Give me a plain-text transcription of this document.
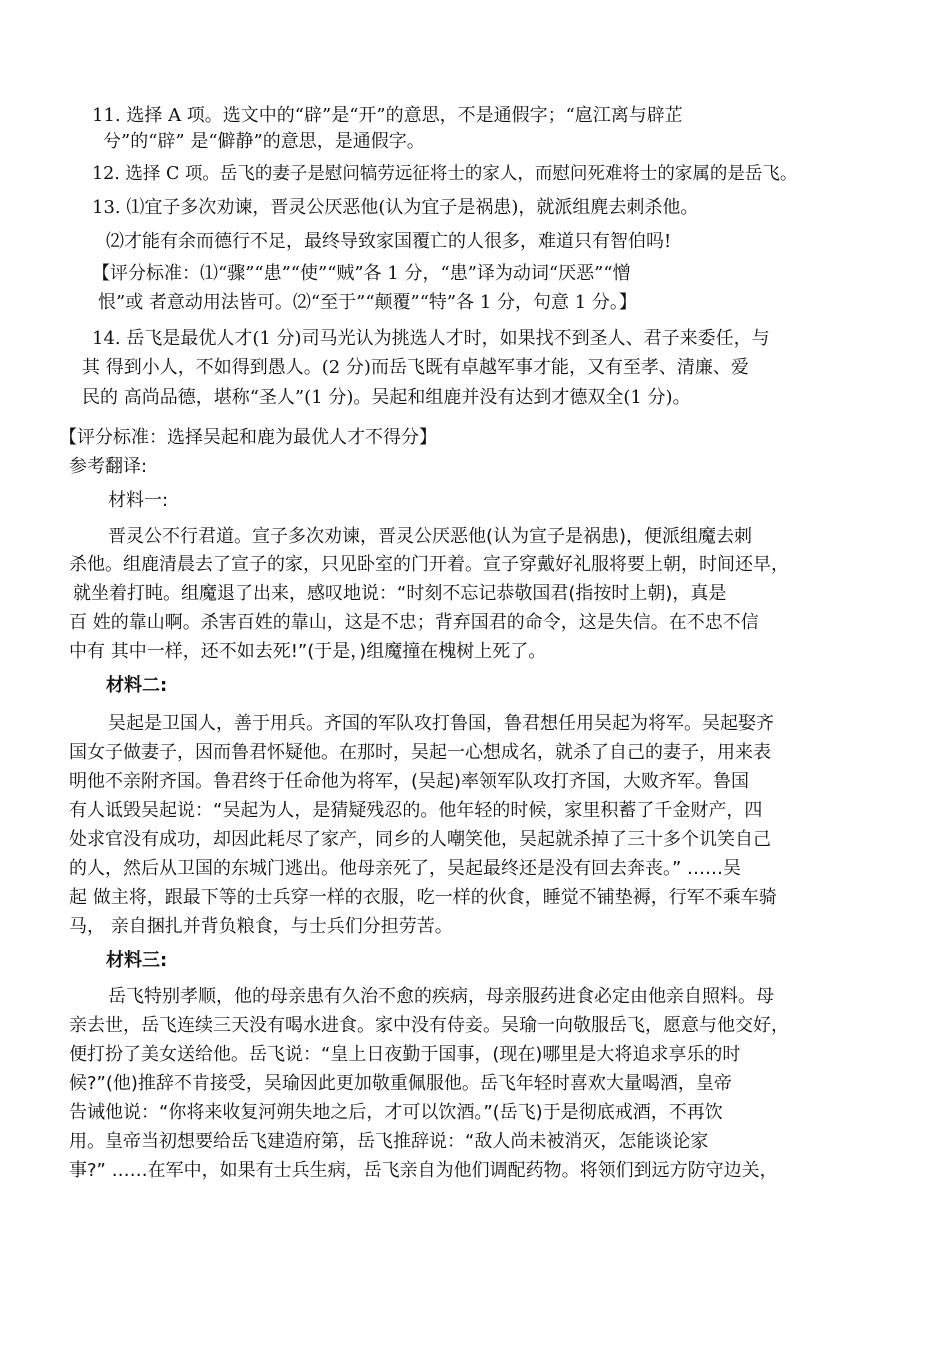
11. 选择 A 项。选文中的“辟”是“开”的意思，不是通假字；“扈江离与辟芷
兮”的“辟” 是“僻静”的意思，是通假字。
12. 选择 C 项。岳飞的妻子是慰问犒劳远征将士的家人，而慰问死难将士的家属的是岳飞。
13. ⑴宜子多次劝谏，晋灵公厌恶他(认为宜子是祸患)，就派组麂去刺杀他。
⑵才能有余而德行不足，最终导致家国覆亡的人很多，难道只有智伯吗!
【评分标准：⑴“骤”“患”“使”“贼”各 1 分，“患”译为动词“厌恶”“憎
恨”或 者意动用法皆可。⑵“至于”“颠覆”“特”各 1 分，句意 1 分。】
14. 岳飞是最优人才(1 分)司马光认为挑选人才时，如果找不到圣人、君子来委任，与
其 得到小人，不如得到愚人。(2 分)而岳飞既有卓越军事才能，又有至孝、清廉、爱
民的 高尚品德，堪称“圣人”(1 分)。吴起和组鹿并没有达到才德双全(1 分)。
【评分标准：选择吴起和鹿为最优人才不得分】
参考翻译:
材料一:
晋灵公不行君道。宣子多次劝谏，晋灵公厌恶他(认为宣子是祸患)，便派组魔去刺
杀他。组鹿清晨去了宣子的家，只见卧室的门开着。宣子穿戴好礼服将要上朝，时间还早，
就坐着打盹。组魔退了出来，感叹地说：“时刻不忘记恭敬国君(指按时上朝)，真是
百 姓的靠山啊。杀害百姓的靠山，这是不忠；背弃国君的命令，这是失信。在不忠不信
中有 其中一样，还不如去死!”(于是，)组魔撞在槐树上死了。
材料二:
吴起是卫国人，善于用兵。齐国的军队攻打鲁国，鲁君想任用吴起为将军。吴起娶齐
国女子做妻子，因而鲁君怀疑他。在那时，吴起一心想成名，就杀了自己的妻子，用来表
明他不亲附齐国。鲁君终于任命他为将军，(吴起)率领军队攻打齐国，大败齐军。鲁国
有人诋毁吴起说：“吴起为人，是猜疑残忍的。他年轻的时候，家里积蓄了千金财产，四
处求官没有成功，却因此耗尽了家产，同乡的人嘲笑他，吴起就杀掉了三十多个讥笑自己
的人，然后从卫国的东城门逃出。他母亲死了，吴起最终还是没有回去奔丧。” ……吴
起 做主将，跟最下等的士兵穿一样的衣服，吃一样的伙食，睡觉不铺垫褥，行军不乘车骑
马， 亲自捆扎并背负粮食，与士兵们分担劳苦。
材料三:
岳飞特别孝顺，他的母亲患有久治不愈的疾病，母亲服药进食必定由他亲自照料。母
亲去世，岳飞连续三天没有喝水进食。家中没有侍妾。吴瑜一向敬服岳飞，愿意与他交好，
便打扮了美女送给他。岳飞说：“皇上日夜勤于国事，(现在)哪里是大将追求享乐的时
候?”(他)推辞不肯接受，吴瑜因此更加敬重佩服他。岳飞年轻时喜欢大量喝酒，皇帝
告诫他说：“你将来收复河朔失地之后，才可以饮酒。”(岳飞)于是彻底戒酒，不再饮
用。皇帝当初想要给岳飞建造府第，岳飞推辞说：“敌人尚未被消灭，怎能谈论家
事?” ……在军中，如果有士兵生病，岳飞亲自为他们调配药物。将领们到远方防守边关，
